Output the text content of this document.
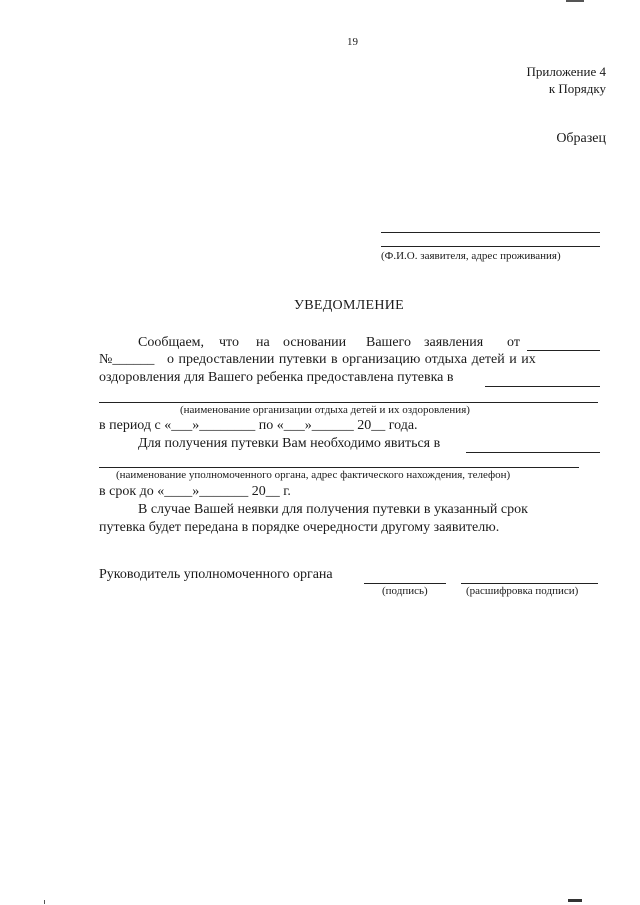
19
Приложение 4
к Порядку
Образец
(Ф.И.О. заявителя, адрес проживания)
УВЕДОМЛЕНИЕ
Сообщаем, что на основании Вашего заявления от
№______ о предоставлении путевки в организацию отдыха детей и их
оздоровления для Вашего ребенка предоставлена путевка в
(наименование организации отдыха детей и их оздоровления)
в период с «___»________ по «___»______ 20__ года.
Для получения путевки Вам необходимо явиться в
(наименование уполномоченного органа, адрес фактического нахождения, телефон)
в срок до «____»_______ 20__ г.
В случае Вашей неявки для получения путевки в указанный срок
путевка будет передана в порядке очередности другому заявителю.
Руководитель уполномоченного органа
(подпись)	(расшифровка подписи)
